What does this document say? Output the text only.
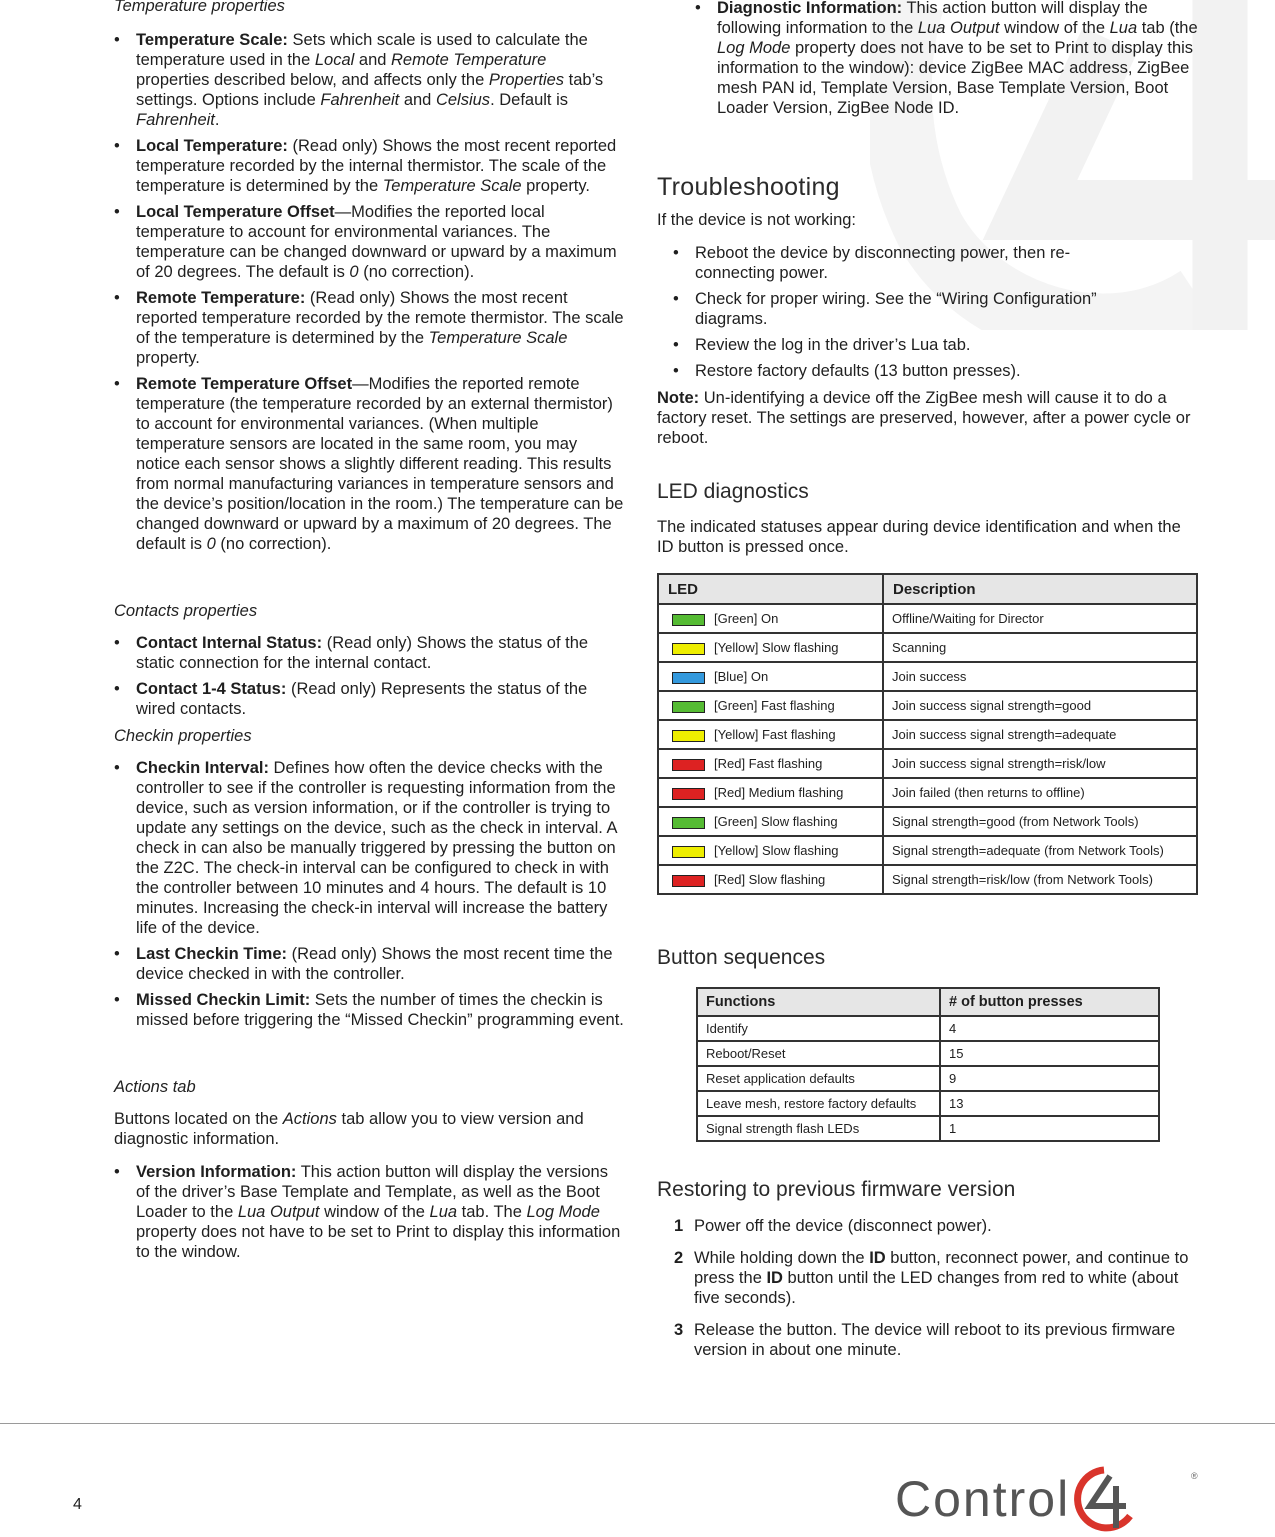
Temperature properties

• Temperature Scale: Sets which scale is used to calculate the temperature used in the Local and Remote Temperature properties described below, and affects only the Properties tab’s settings. Options include Fahrenheit and Celsius. Default is Fahrenheit.
• Local Temperature: (Read only) Shows the most recent reported temperature recorded by the internal thermistor. The scale of the temperature is determined by the Temperature Scale property.
• Local Temperature Offset—Modifies the reported local temperature to account for environmental variances. The temperature can be changed downward or upward by a maximum of 20 degrees. The default is 0 (no correction).
• Remote Temperature: (Read only) Shows the most recent reported temperature recorded by the remote thermistor. The scale of the temperature is determined by the Temperature Scale property.
• Remote Temperature Offset—Modifies the reported remote temperature (the temperature recorded by an external thermistor) to account for environmental variances. (When multiple temperature sensors are located in the same room, you may notice each sensor shows a slightly different reading. This results from normal manufacturing variances in temperature sensors and the device’s position/location in the room.) The temperature can be changed downward or upward by a maximum of 20 degrees. The default is 0 (no correction).

Contacts properties

• Contact Internal Status: (Read only) Shows the status of the static connection for the internal contact.
• Contact 1-4 Status: (Read only) Represents the status of the wired contacts.

Checkin properties

• Checkin Interval: Defines how often the device checks with the controller to see if the controller is requesting information from the device, such as version information, or if the controller is trying to update any settings on the device, such as the check in interval. A check in can also be manually triggered by pressing the button on the Z2C. The check-in interval can be configured to check in with the controller between 10 minutes and 4 hours. The default is 10 minutes. Increasing the check-in interval will increase the battery life of the device.
• Last Checkin Time: (Read only) Shows the most recent time the device checked in with the controller.
• Missed Checkin Limit: Sets the number of times the checkin is missed before triggering the “Missed Checkin” programming event.

Actions tab

Buttons located on the Actions tab allow you to view version and diagnostic information.

• Version Information: This action button will display the versions of the driver’s Base Template and Template, as well as the Boot Loader to the Lua Output window of the Lua tab. The Log Mode property does not have to be set to Print to display this information to the window.
• Diagnostic Information: This action button will display the following information to the Lua Output window of the Lua tab (the Log Mode property does not have to be set to Print to display this information to the window): device ZigBee MAC address, ZigBee mesh PAN id, Template Version, Base Template Version, Boot Loader Version, ZigBee Node ID.
Troubleshooting

If the device is not working:

• Reboot the device by disconnecting power, then re-connecting power.
• Check for proper wiring. See the “Wiring Configuration” diagrams.
• Review the log in the driver’s Lua tab.
• Restore factory defaults (13 button presses).

Note: Un-identifying a device off the ZigBee mesh will cause it to do a factory reset. The settings are preserved, however, after a power cycle or reboot.

LED diagnostics

The indicated statuses appear during device identification and when the ID button is pressed once.

LED	Description
[Green] On	Offline/Waiting for Director
[Yellow] Slow flashing	Scanning
[Blue] On	Join success
[Green] Fast flashing	Join success signal strength=good
[Yellow] Fast flashing	Join success signal strength=adequate
[Red] Fast flashing	Join success signal strength=risk/low
[Red] Medium flashing	Join failed (then returns to offline)
[Green] Slow flashing	Signal strength=good (from Network Tools)
[Yellow] Slow flashing	Signal strength=adequate (from Network Tools)
[Red] Slow flashing	Signal strength=risk/low (from Network Tools)
Button sequences
Functions	# of button presses
Identify	4
Reboot/Reset	15
Reset application defaults	9
Leave mesh, restore factory defaults	13
Signal strength flash LEDs	1
Restoring to previous firmware version
1 Power off the device (disconnect power).
2 While holding down the ID button, reconnect power, and continue to press the ID button until the LED changes from red to white (about five seconds).
3 Release the button. The device will reboot to its previous firmware version in about one minute.
4	Control
4
®
